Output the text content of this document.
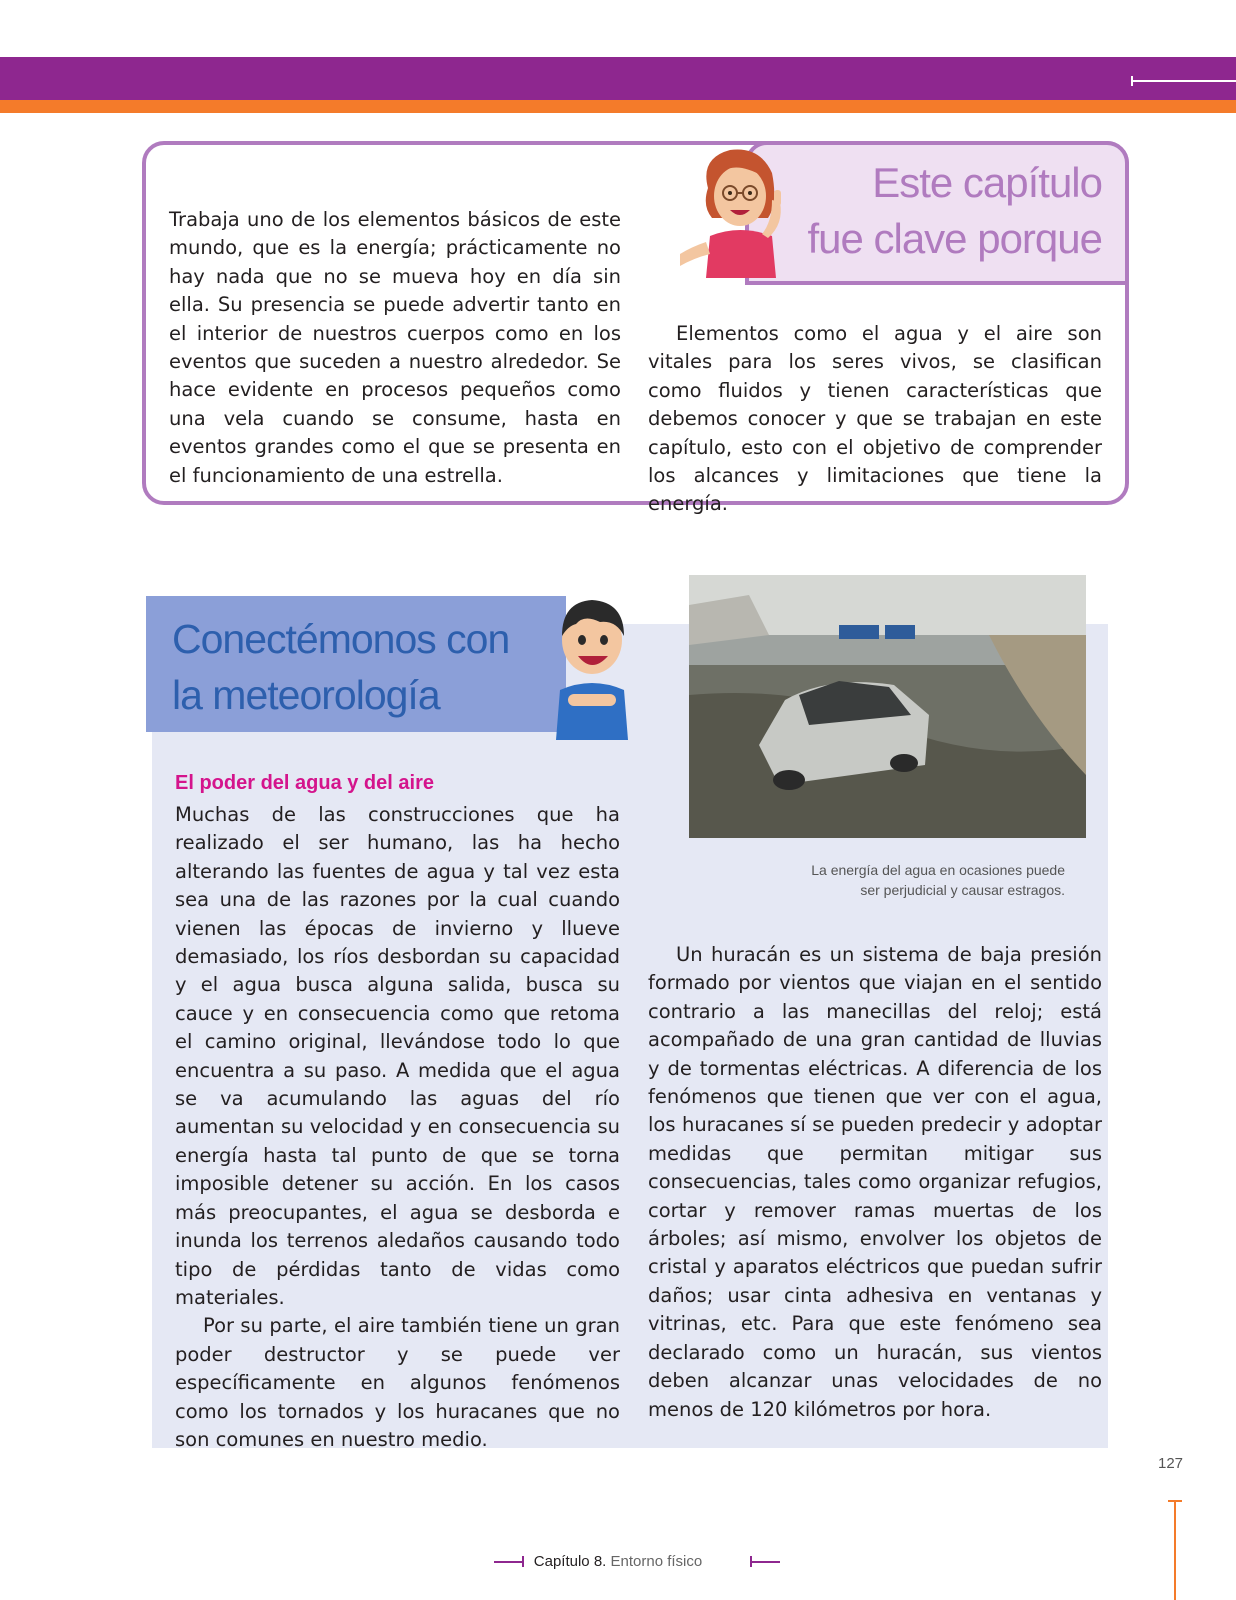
Este capítulo
fue clave porque

Trabaja uno de los elementos básicos de este mundo, que es la energía; prácticamente no hay nada que no se mueva hoy en día sin ella. Su presencia se puede advertir tanto en el interior de nuestros cuerpos como en los eventos que suceden a nuestro alrededor. Se hace evidente en procesos pequeños como una vela cuando se consume, hasta en eventos grandes como el que se presenta en el funcionamiento de una estrella.

Elementos como el agua y el aire son vitales para los seres vivos, se clasifican como fluidos y tienen características que debemos conocer y que se trabajan en este capítulo, esto con el objetivo de comprender los alcances y limitaciones que tiene la energía.

Conectémonos con
la meteorología
El poder del agua y del aire

Muchas de las construcciones que ha realizado el ser humano, las ha hecho alterando las fuentes de agua y tal vez esta sea una de las razones por la cual cuando vienen las épocas de invierno y llueve demasiado, los ríos desbordan su capacidad y el agua busca alguna salida, busca su cauce y en consecuencia como que retoma el camino original, llevándose todo lo que encuentra a su paso. A medida que el agua se va acumulando las aguas del río aumentan su velocidad y en consecuencia su energía hasta tal punto de que se torna imposible detener su acción. En los casos más preocupantes, el agua se desborda e inunda los terrenos aledaños causando todo tipo de pérdidas tanto de vidas como materiales.

Por su parte, el aire también tiene un gran poder destructor y se puede ver específicamente en algunos fenómenos como los tornados y los huracanes que no son comunes en nuestro medio.

La energía del agua en ocasiones puede
ser perjudicial y causar estragos.

Un huracán es un sistema de baja presión formado por vientos que viajan en el sentido contrario a las manecillas del reloj; está acompañado de una gran cantidad de lluvias y de tormentas eléctricas. A diferencia de los fenómenos que tienen que ver con el agua, los huracanes sí se pueden predecir y adoptar medidas que permitan mitigar sus consecuencias, tales como organizar refugios, cortar y remover ramas muertas de los árboles; así mismo, envolver los objetos de cristal y aparatos eléctricos que puedan sufrir daños; usar cinta adhesiva en ventanas y vitrinas, etc. Para que este fenómeno sea declarado como un huracán, sus vientos deben alcanzar unas velocidades de no menos de 120 kilómetros por hora.

127
Capítulo 8. Entorno físico
